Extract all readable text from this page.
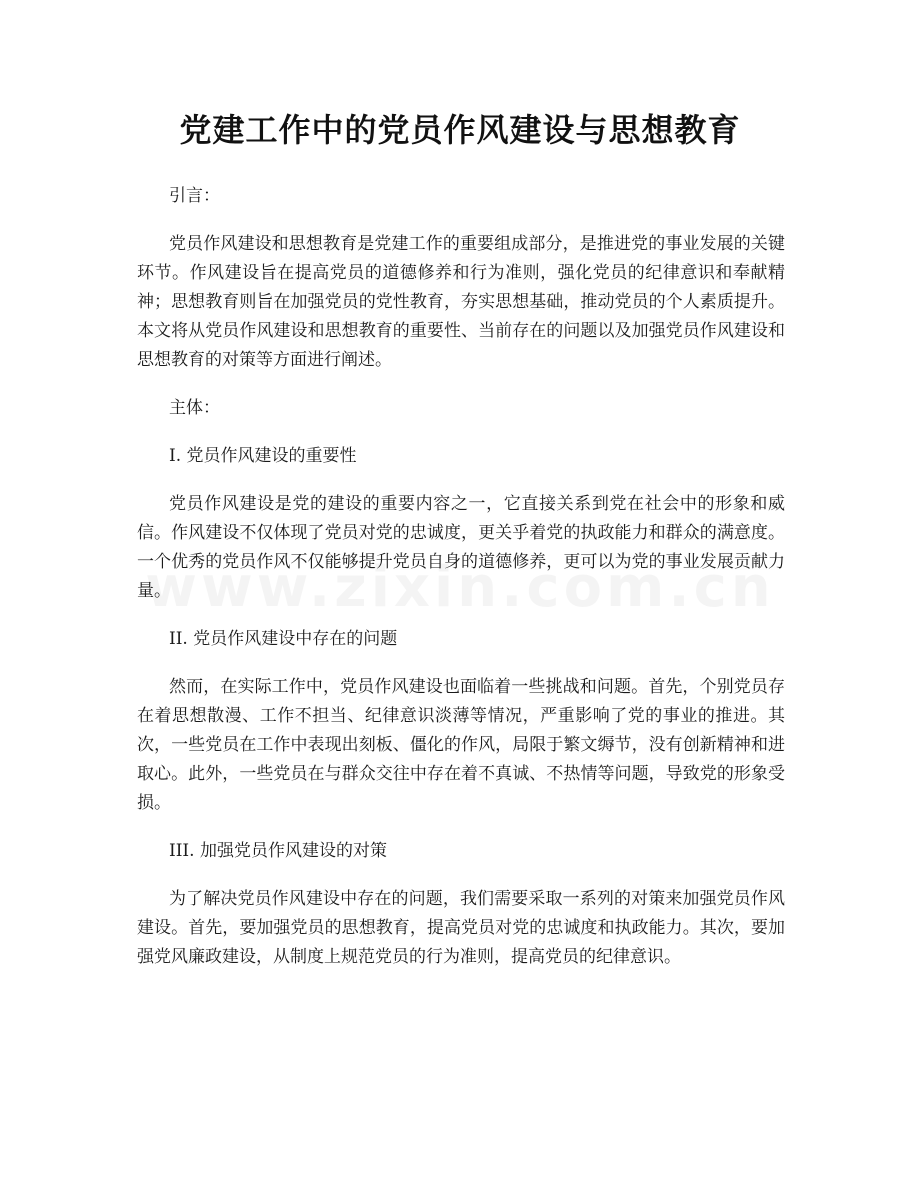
党建工作中的党员作风建设与思想教育

引言：

党员作风建设和思想教育是党建工作的重要组成部分，是推进党的事业发展的关键环节。作风建设旨在提高党员的道德修养和行为准则，强化党员的纪律意识和奉献精神；思想教育则旨在加强党员的党性教育，夯实思想基础，推动党员的个人素质提升。本文将从党员作风建设和思想教育的重要性、当前存在的问题以及加强党员作风建设和思想教育的对策等方面进行阐述。

主体：

I. 党员作风建设的重要性

党员作风建设是党的建设的重要内容之一，它直接关系到党在社会中的形象和威信。作风建设不仅体现了党员对党的忠诚度，更关乎着党的执政能力和群众的满意度。一个优秀的党员作风不仅能够提升党员自身的道德修养，更可以为党的事业发展贡献力量。

II. 党员作风建设中存在的问题

然而，在实际工作中，党员作风建设也面临着一些挑战和问题。首先，个别党员存在着思想散漫、工作不担当、纪律意识淡薄等情况，严重影响了党的事业的推进。其次，一些党员在工作中表现出刻板、僵化的作风，局限于繁文缛节，没有创新精神和进取心。此外，一些党员在与群众交往中存在着不真诚、不热情等问题，导致党的形象受损。

III. 加强党员作风建设的对策

为了解决党员作风建设中存在的问题，我们需要采取一系列的对策来加强党员作风建设。首先，要加强党员的思想教育，提高党员对党的忠诚度和执政能力。其次，要加强党风廉政建设，从制度上规范党员的行为准则，提高党员的纪律意识。
